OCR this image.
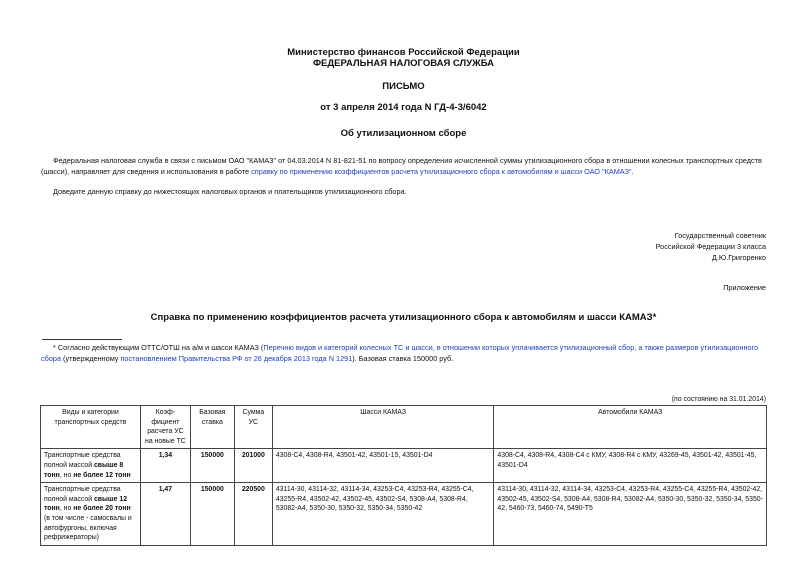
Министерство финансов Российской Федерации
ФЕДЕРАЛЬНАЯ НАЛОГОВАЯ СЛУЖБА
ПИСЬМО
от 3 апреля 2014 года N ГД-4-3/6042
Об утилизационном сборе
Федеральная налоговая служба в связи с письмом ОАО "КАМАЗ" от 04.03.2014 N 81-821-51 по вопросу определения исчисленной суммы утилизационного сбора в отношении колесных транспортных средств (шасси), направляет для сведения и использования в работе справку по применению коэффициентов расчета утилизационного сбора к автомобилям и шасси ОАО "КАМАЗ".
Доведите данную справку до нижестоящих налоговых органов и плательщиков утилизационного сбора.
Государственный советник
Российской Федерации 3 класса
Д.Ю.Григоренко
Приложение
Справка по применению коэффициентов расчета утилизационного сбора к автомобилям и шасси КАМАЗ*
* Согласно действующим ОТТС/ОТШ на а/м и шасси КАМАЗ (Перечню видов и категорий колесных ТС и шасси, в отношении которых уплачивается утилизационный сбор, а также размеров утилизационного сбора (утвержденному постановлением Правительства РФ от 26 декабря 2013 года N 1291). Базовая ставка 150000 руб.
(по состоянию на 31.01.2014)
Виды и категории транспортных средств	Коэф-фициент расчета УС на новые ТС	Базовая ставка	Сумма УС	Шасси КАМАЗ	Автомобили КАМАЗ
Транспортные средства полной массой свыше 8 тонн, но не более 12 тонн	1,34	150000	201000	4308-С4, 4308-R4, 43501-42, 43501-15, 43501-D4	4308-С4, 4308-R4, 4308-С4 с КМУ, 4308-R4 с КМУ, 43269-45, 43501-42, 43501-45, 43501-D4
Транспортные средства полной массой свыше 12 тонн, но не более 20 тонн (в том числе - самосвалы и автофургоны, включая рефрижераторы)	1,47	150000	220500	43114-30, 43114-32, 43114-34, 43253-С4, 43253-R4, 43255-С4, 43255-R4, 43502-42, 43502-45, 43502-S4, 5308-A4, 5308-R4, 53082-A4, 5350-30, 5350-32, 5350-34, 5350-42	43114-30, 43114-32, 43114-34, 43253-С4, 43253-R4, 43255-С4, 43255-R4, 43502-42, 43502-45, 43502-S4, 5308-A4, 5308-R4, 53082-A4, 5350-30, 5350-32, 5350-34, 5350-42, 5460-73, 5460-74, 5490-Т5
